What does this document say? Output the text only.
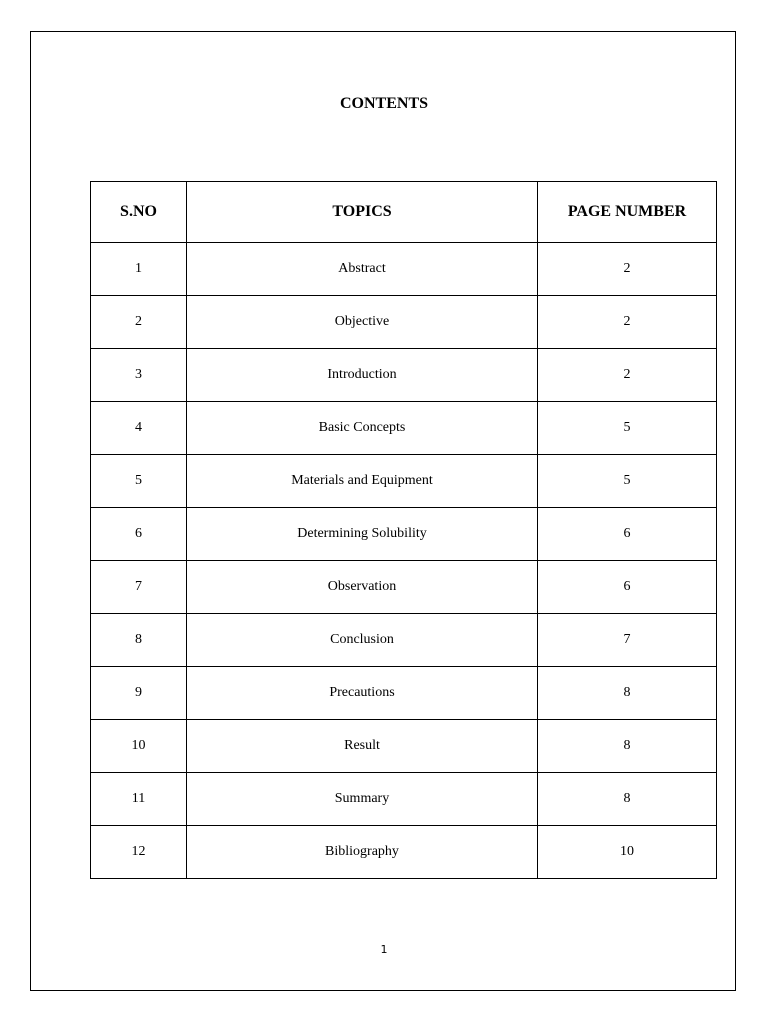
CONTENTS
S.NO	TOPICS	PAGE NUMBER
1	Abstract	2
2	Objective	2
3	Introduction	2
4	Basic Concepts	5
5	Materials and Equipment	5
6	Determining Solubility	6
7	Observation	6
8	Conclusion	7
9	Precautions	8
10	Result	8
11	Summary	8
12	Bibliography	10
1
